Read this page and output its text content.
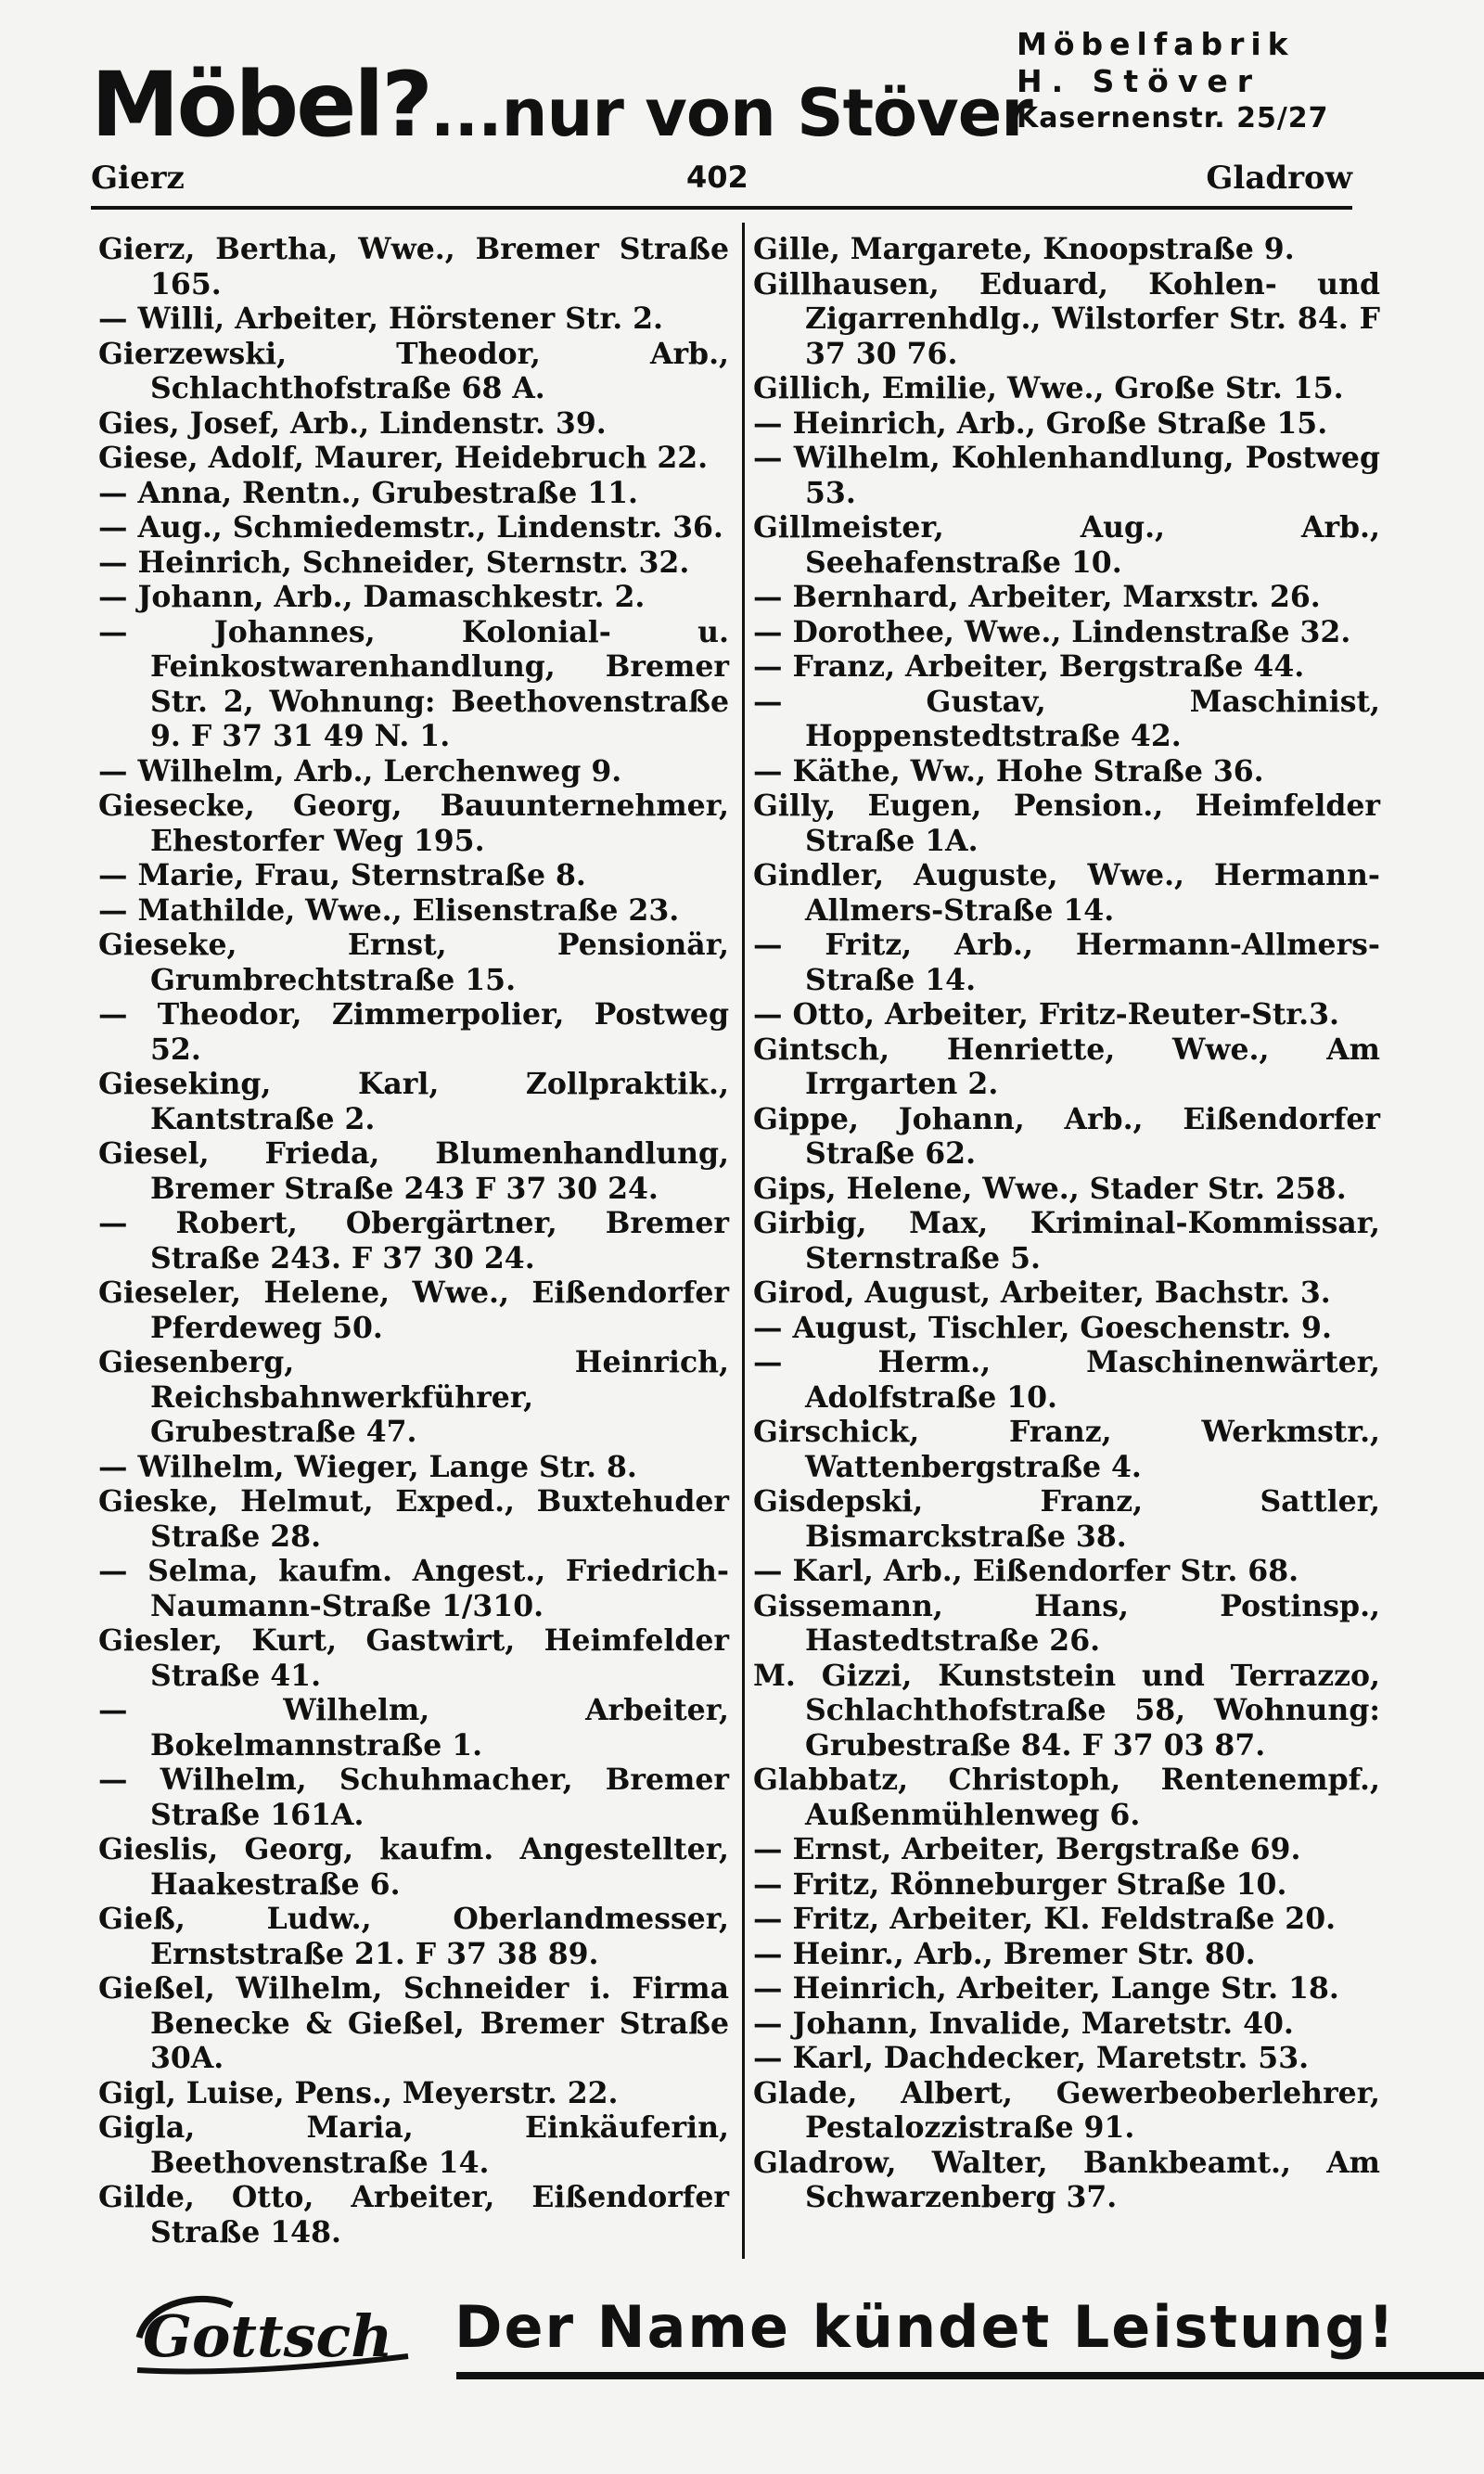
Möbel?...nur von Stöver
Möbelfabrik
H. Stöver
Kasernenstr. 25/27
Gierz	402	Gladrow

Gierz, Bertha, Wwe., Bremer Straße 165.

— Willi, Arbeiter, Hörstener Str. 2.

Gierzewski, Theodor, Arb., Schlachthofstraße 68 A.

Gies, Josef, Arb., Lindenstr. 39.

Giese, Adolf, Maurer, Heidebruch 22.

— Anna, Rentn., Grubestraße 11.

— Aug., Schmiedemstr., Lindenstr. 36.

— Heinrich, Schneider, Sternstr. 32.

— Johann, Arb., Damaschkestr. 2.

— Johannes, Kolonial- u. Feinkostwarenhandlung, Bremer Str. 2, Wohnung: Beethovenstraße 9. F 37 31 49 N. 1.

— Wilhelm, Arb., Lerchenweg 9.

Giesecke, Georg, Bauunternehmer, Ehestorfer Weg 195.

— Marie, Frau, Sternstraße 8.

— Mathilde, Wwe., Elisenstraße 23.

Gieseke, Ernst, Pensionär, Grumbrechtstraße 15.

— Theodor, Zimmerpolier, Postweg 52.

Gieseking, Karl, Zollpraktik., Kantstraße 2.

Giesel, Frieda, Blumenhandlung, Bremer Straße 243 F 37 30 24.

— Robert, Obergärtner, Bremer Straße 243. F 37 30 24.

Gieseler, Helene, Wwe., Eißendorfer Pferdeweg 50.

Giesenberg, Heinrich, Reichsbahnwerkführer, Grubestraße 47.

— Wilhelm, Wieger, Lange Str. 8.

Gieske, Helmut, Exped., Buxtehuder Straße 28.

— Selma, kaufm. Angest., Friedrich-Naumann-Straße 1/310.

Giesler, Kurt, Gastwirt, Heimfelder Straße 41.

— Wilhelm, Arbeiter, Bokelmannstraße 1.

— Wilhelm, Schuhmacher, Bremer Straße 161A.

Gieslis, Georg, kaufm. Angestellter, Haakestraße 6.

Gieß, Ludw., Oberlandmesser, Ernststraße 21. F 37 38 89.

Gießel, Wilhelm, Schneider i. Firma Benecke & Gießel, Bremer Straße 30A.

Gigl, Luise, Pens., Meyerstr. 22.

Gigla, Maria, Einkäuferin, Beethovenstraße 14.

Gilde, Otto, Arbeiter, Eißendorfer Straße 148.

Gille, Margarete, Knoopstraße 9.

Gillhausen, Eduard, Kohlen- und Zigarrenhdlg., Wilstorfer Str. 84. F 37 30 76.

Gillich, Emilie, Wwe., Große Str. 15.

— Heinrich, Arb., Große Straße 15.

— Wilhelm, Kohlenhandlung, Postweg 53.

Gillmeister, Aug., Arb., Seehafenstraße 10.

— Bernhard, Arbeiter, Marxstr. 26.

— Dorothee, Wwe., Lindenstraße 32.

— Franz, Arbeiter, Bergstraße 44.

— Gustav, Maschinist, Hoppenstedtstraße 42.

— Käthe, Ww., Hohe Straße 36.

Gilly, Eugen, Pension., Heimfelder Straße 1A.

Gindler, Auguste, Wwe., Hermann-Allmers-Straße 14.

— Fritz, Arb., Hermann-Allmers-Straße 14.

— Otto, Arbeiter, Fritz-Reuter-Str.3.

Gintsch, Henriette, Wwe., Am Irrgarten 2.

Gippe, Johann, Arb., Eißendorfer Straße 62.

Gips, Helene, Wwe., Stader Str. 258.

Girbig, Max, Kriminal-Kommissar, Sternstraße 5.

Girod, August, Arbeiter, Bachstr. 3.

— August, Tischler, Goeschenstr. 9.

— Herm., Maschinenwärter, Adolfstraße 10.

Girschick, Franz, Werkmstr., Wattenbergstraße 4.

Gisdepski, Franz, Sattler, Bismarckstraße 38.

— Karl, Arb., Eißendorfer Str. 68.

Gissemann, Hans, Postinsp., Hastedtstraße 26.

M. Gizzi, Kunststein und Terrazzo, Schlachthofstraße 58, Wohnung: Grubestraße 84. F 37 03 87.

Glabbatz, Christoph, Rentenempf., Außenmühlenweg 6.

— Ernst, Arbeiter, Bergstraße 69.

— Fritz, Rönneburger Straße 10.

— Fritz, Arbeiter, Kl. Feldstraße 20.

— Heinr., Arb., Bremer Str. 80.

— Heinrich, Arbeiter, Lange Str. 18.

— Johann, Invalide, Maretstr. 40.

— Karl, Dachdecker, Maretstr. 53.

Glade, Albert, Gewerbeoberlehrer, Pestalozzistraße 91.

Gladrow, Walter, Bankbeamt., Am Schwarzenberg 37.

Gottsch Der Name kündet Leistung!
